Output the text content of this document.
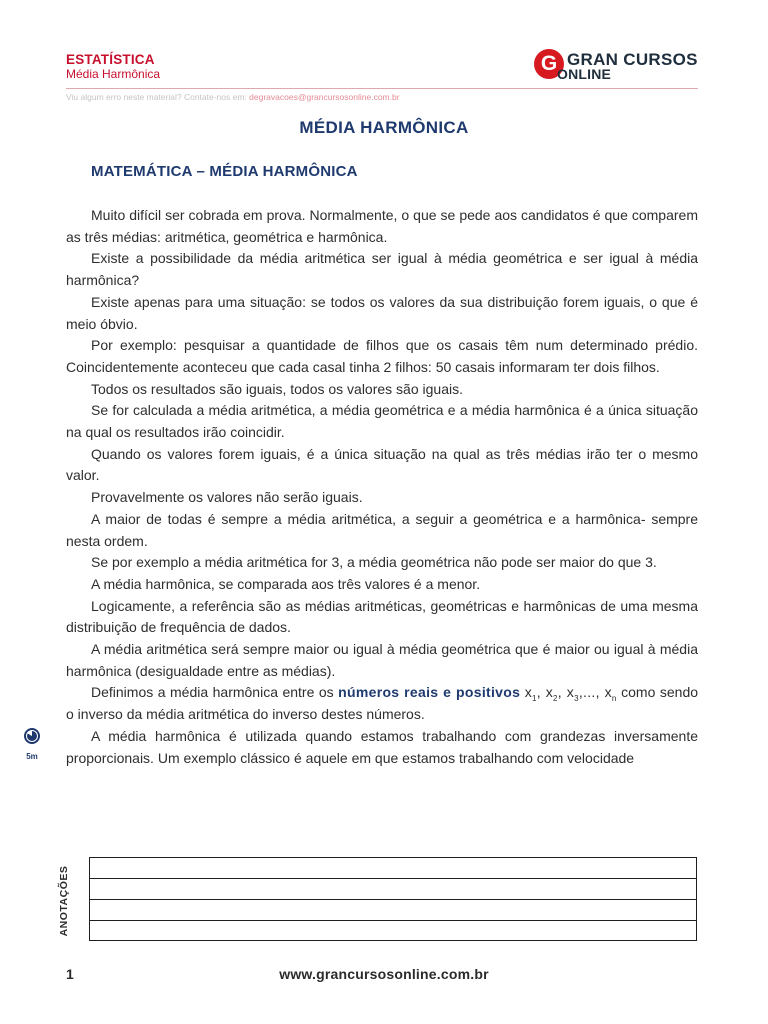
ESTATÍSTICA
Média Harmônica	G GRAN CURSOS
ONLINE
Viu algum erro neste material? Contate-nos em: degravacoes@grancursosonline.com.br
MÉDIA HARMÔNICA
MATEMÁTICA – MÉDIA HARMÔNICA

Muito difícil ser cobrada em prova. Normalmente, o que se pede aos candidatos é que comparem as três médias: aritmética, geométrica e harmônica.

Existe a possibilidade da média aritmética ser igual à média geométrica e ser igual à média harmônica?

Existe apenas para uma situação: se todos os valores da sua distribuição forem iguais, o que é meio óbvio.

Por exemplo: pesquisar a quantidade de filhos que os casais têm num determinado prédio. Coincidentemente aconteceu que cada casal tinha 2 filhos: 50 casais informaram ter dois filhos.

Todos os resultados são iguais, todos os valores são iguais.

Se for calculada a média aritmética, a média geométrica e a média harmônica é a única situação na qual os resultados irão coincidir.

Quando os valores forem iguais, é a única situação na qual as três médias irão ter o mesmo valor.

Provavelmente os valores não serão iguais.

A maior de todas é sempre a média aritmética, a seguir a geométrica e a harmônica- sempre nesta ordem.

Se por exemplo a média aritmética for 3, a média geométrica não pode ser maior do que 3.

A média harmônica, se comparada aos três valores é a menor.

Logicamente, a referência são as médias aritméticas, geométricas e harmônicas de uma mesma distribuição de frequência de dados.

A média aritmética será sempre maior ou igual à média geométrica que é maior ou igual à média harmônica (desigualdade entre as médias).

Definimos a média harmônica entre os números reais e positivos $x_1$, $x_2$, $x_3$,..., $x_n$ como sendo o inverso da média aritmética do inverso destes números.

A média harmônica é utilizada quando estamos trabalhando com grandezas inversamente proporcionais. Um exemplo clássico é aquele em que estamos trabalhando com velocidade

5m
ANOTAÇÕES
1	www.grancursosonline.com.br
